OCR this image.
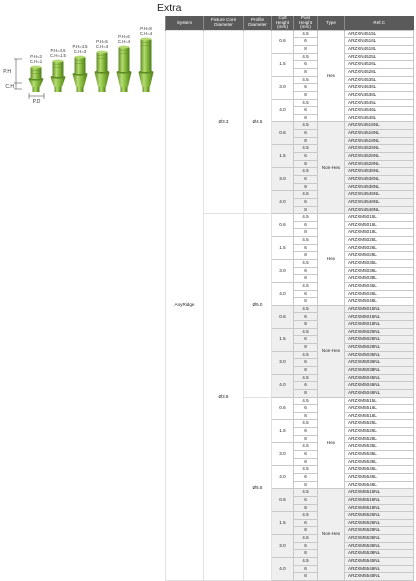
Extra
P.H=3
C.H=1
P.H=4.5
C.H=1.5
P.H=4.5
C.H=3
P.H=5
C.H=4
P.H=6
C.H=4
P.H=8
C.H=4
P.H
C.H
P.D
System	Fixture Core Diameter	Profile Diameter	Cuff Height (mm)	Post Height (mm)	Type	Ref.C
AnyRidge	Ø3.3	Ø4.5	0.6	4.5	Hex	ARZXN4515L
				6		ARZXN4516L
				8		ARZXN4518L
			1.5	4.5		ARZXN4525L
				6		ARZXN4526L
				8		ARZXN4528L
			3.0	4.5		ARZXN4535L
				6		ARZXN4536L
				8		ARZXN4538L
			4.0	4.5		ARZXN4545L
				6		ARZXN4546L
				8		ARZXN4548L
			0.6	4.5	Non-Hex	ARZXN4515NL
				6		ARZXN4516NL
				8		ARZXN4518NL
			1.5	4.5		ARZXN4525NL
				6		ARZXN4526NL
				8		ARZXN4528NL
			3.0	4.5		ARZXN4535NL
				6		ARZXN4536NL
				8		ARZXN4538NL
			4.0	4.5		ARZXN4545NL
				6		ARZXN4546NL
				8		ARZXN4548NL
	Ø3.8	Ø5.0	0.6	4.5	Hex	ARZXM5015L
				6		ARZXM5016L
				8		ARZXM5018L
			1.5	4.5		ARZXM5025L
				6		ARZXM5026L
				8		ARZXM5028L
			3.0	4.5		ARZXM5035L
				6		ARZXM5036L
				8		ARZXM5038L
			4.0	4.5		ARZXM5045L
				6		ARZXM5046L
				8		ARZXM5048L
			0.6	4.5	Non-Hex	ARZXM5015NL
				6		ARZXM5016NL
				8		ARZXM5018NL
			1.5	4.5		ARZXM5025NL
				6		ARZXM5026NL
				8		ARZXM5028NL
			3.0	4.5		ARZXM5035NL
				6		ARZXM5036NL
				8		ARZXM5038NL
			4.0	4.5		ARZXM5045NL
				6		ARZXM5046NL
				8		ARZXM5048NL
		Ø5.5	0.6	4.5	Hex	ARZXM5515L
				6		ARZXM5516L
				8		ARZXM5518L
			1.5	4.5		ARZXM5525L
				6		ARZXM5526L
				8		ARZXM5528L
			3.0	4.5		ARZXM5535L
				6		ARZXM5536L
				8		ARZXM5538L
			4.0	4.5		ARZXM5545L
				6		ARZXM5546L
				8		ARZXM5548L
			0.6	4.5	Non-Hex	ARZXM5515NL
				6		ARZXM5516NL
				8		ARZXM5518NL
			1.5	4.5		ARZXM5525NL
				6		ARZXM5526NL
				8		ARZXM5528NL
			3.0	4.5		ARZXM5535NL
				6		ARZXM5536NL
				8		ARZXM5538NL
			4.0	4.5		ARZXM5545NL
				6		ARZXM5546NL
				8		ARZXM5548NL
